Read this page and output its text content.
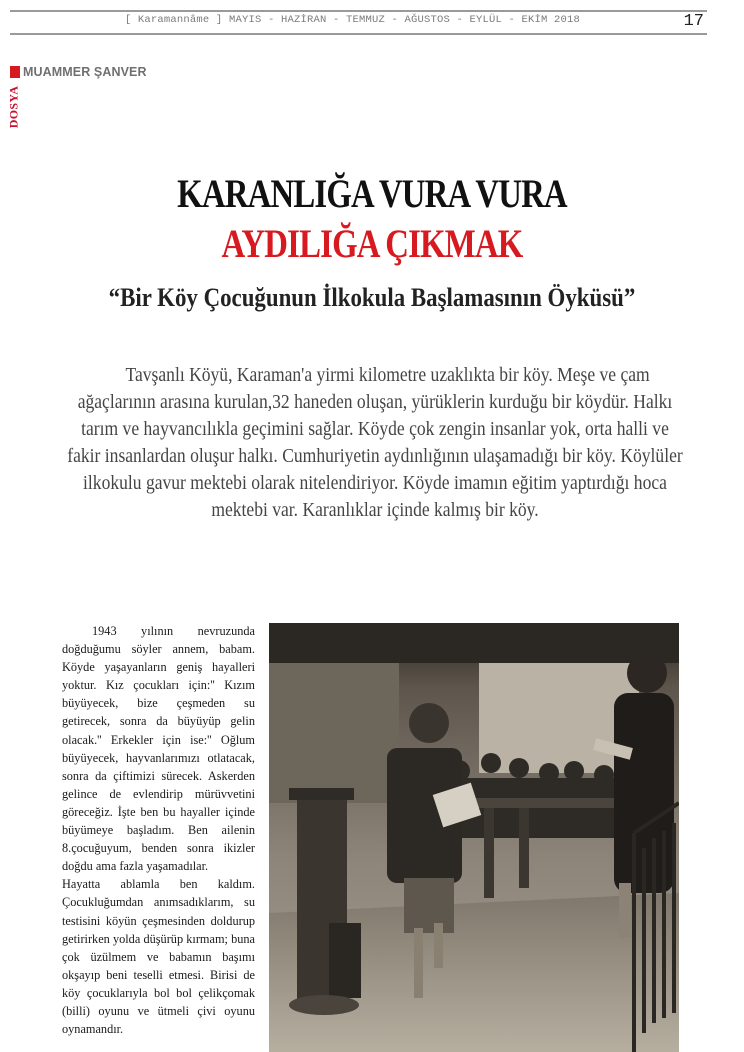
[ Karamannâme ] MAYIS - HAZİRAN - TEMMUZ - AĞUSTOS - EYLÜL - EKİM 2018	17
MUAMMER ŞANVER
DOSYA
KARANLIĞA VURA VURA
AYDILIĞA ÇIKMAK
“Bir Köy Çocuğunun İlkokula Başlamasının Öyküsü”

Tavşanlı Köyü, Karaman'a yirmi kilometre uzaklıkta bir köy. Meşe ve çam ağaçlarının arasına kurulan,32 haneden oluşan, yürüklerin kurduğu bir köydür. Halkı tarım ve hayvancılıkla geçimini sağlar. Köyde çok zengin insanlar yok, orta halli ve fakir insanlardan oluşur halkı. Cumhuriyetin aydınlığının ulaşamadığı bir köy. Köylüler ilkokulu gavur mektebi olarak nitelendiriyor. Köyde imamın eğitim yaptırdığı hoca mektebi var. Karanlıklar içinde kalmış bir köy.

1943 yılının nevruzunda doğduğumu söyler annem, babam. Köyde yaşayanların geniş hayalleri yoktur. Kız çocukları için:'' Kızım büyüyecek, bize çeşmeden su getirecek, sonra da büyüyüp gelin olacak.'' Erkekler için ise:'' Oğlum büyüyecek, hayvanlarımızı otlatacak, sonra da çiftimizi sürecek. Askerden gelince de evlendirip mürüvvetini göreceğiz. İşte ben bu hayaller içinde büyümeye başladım. Ben ailenin 8.çocuğuyum, benden sonra ikizler doğdu ama fazla yaşamadılar.

Hayatta ablamla ben kaldım. Çocukluğumdan anımsadıklarım, su testisini köyün çeşmesinden doldurup getirirken yolda düşürüp kırmam; buna çok üzülmem ve babamın başımı okşayıp beni teselli etmesi. Birisi de köy çocuklarıyla bol bol çelikçomak (billi) oyunu ve ütmeli çivi oyunu oynamandır.
